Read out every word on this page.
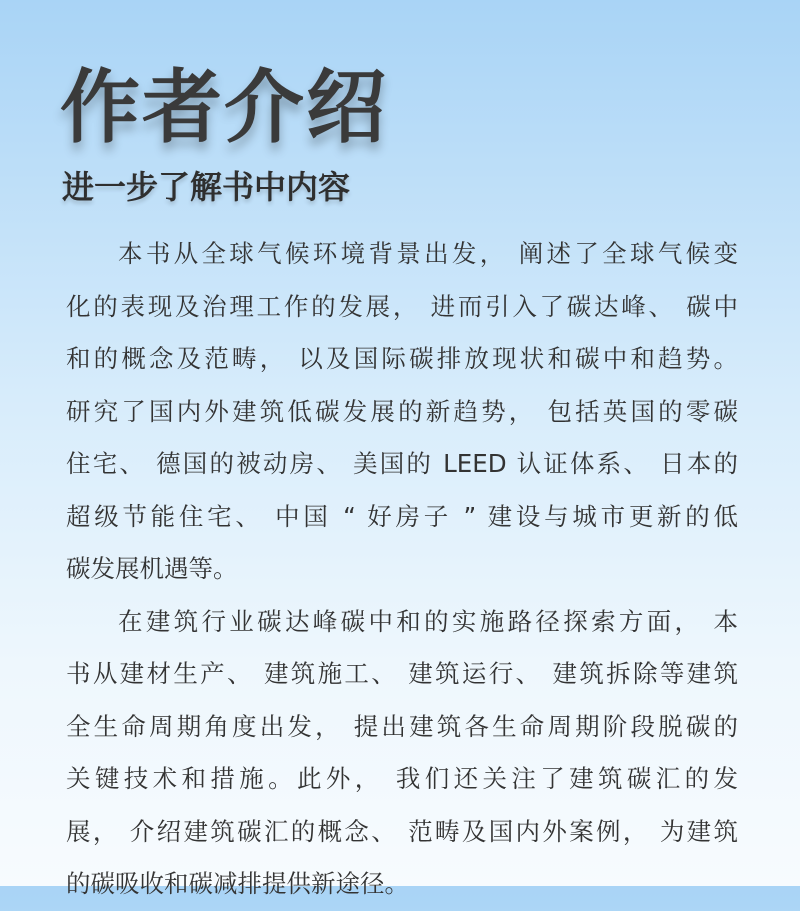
作者介绍
进一步了解书中内容

本书从全球气候环境背景出发， 阐述了全球气候变
化的表现及治理工作的发展， 进而引入了碳达峰、 碳中
和的概念及范畴， 以及国际碳排放现状和碳中和趋势。
研究了国内外建筑低碳发展的新趋势， 包括英国的零碳
住宅、 德国的被动房、 美国的 LEED 认证体系、 日本的
超级节能住宅、 中国 “ 好房子 ” 建设与城市更新的低
碳发展机遇等。

在建筑行业碳达峰碳中和的实施路径探索方面， 本
书从建材生产、 建筑施工、 建筑运行、 建筑拆除等建筑
全生命周期角度出发， 提出建筑各生命周期阶段脱碳的
关键技术和措施。此外， 我们还关注了建筑碳汇的发
展， 介绍建筑碳汇的概念、 范畴及国内外案例， 为建筑
的碳吸收和碳减排提供新途径。
